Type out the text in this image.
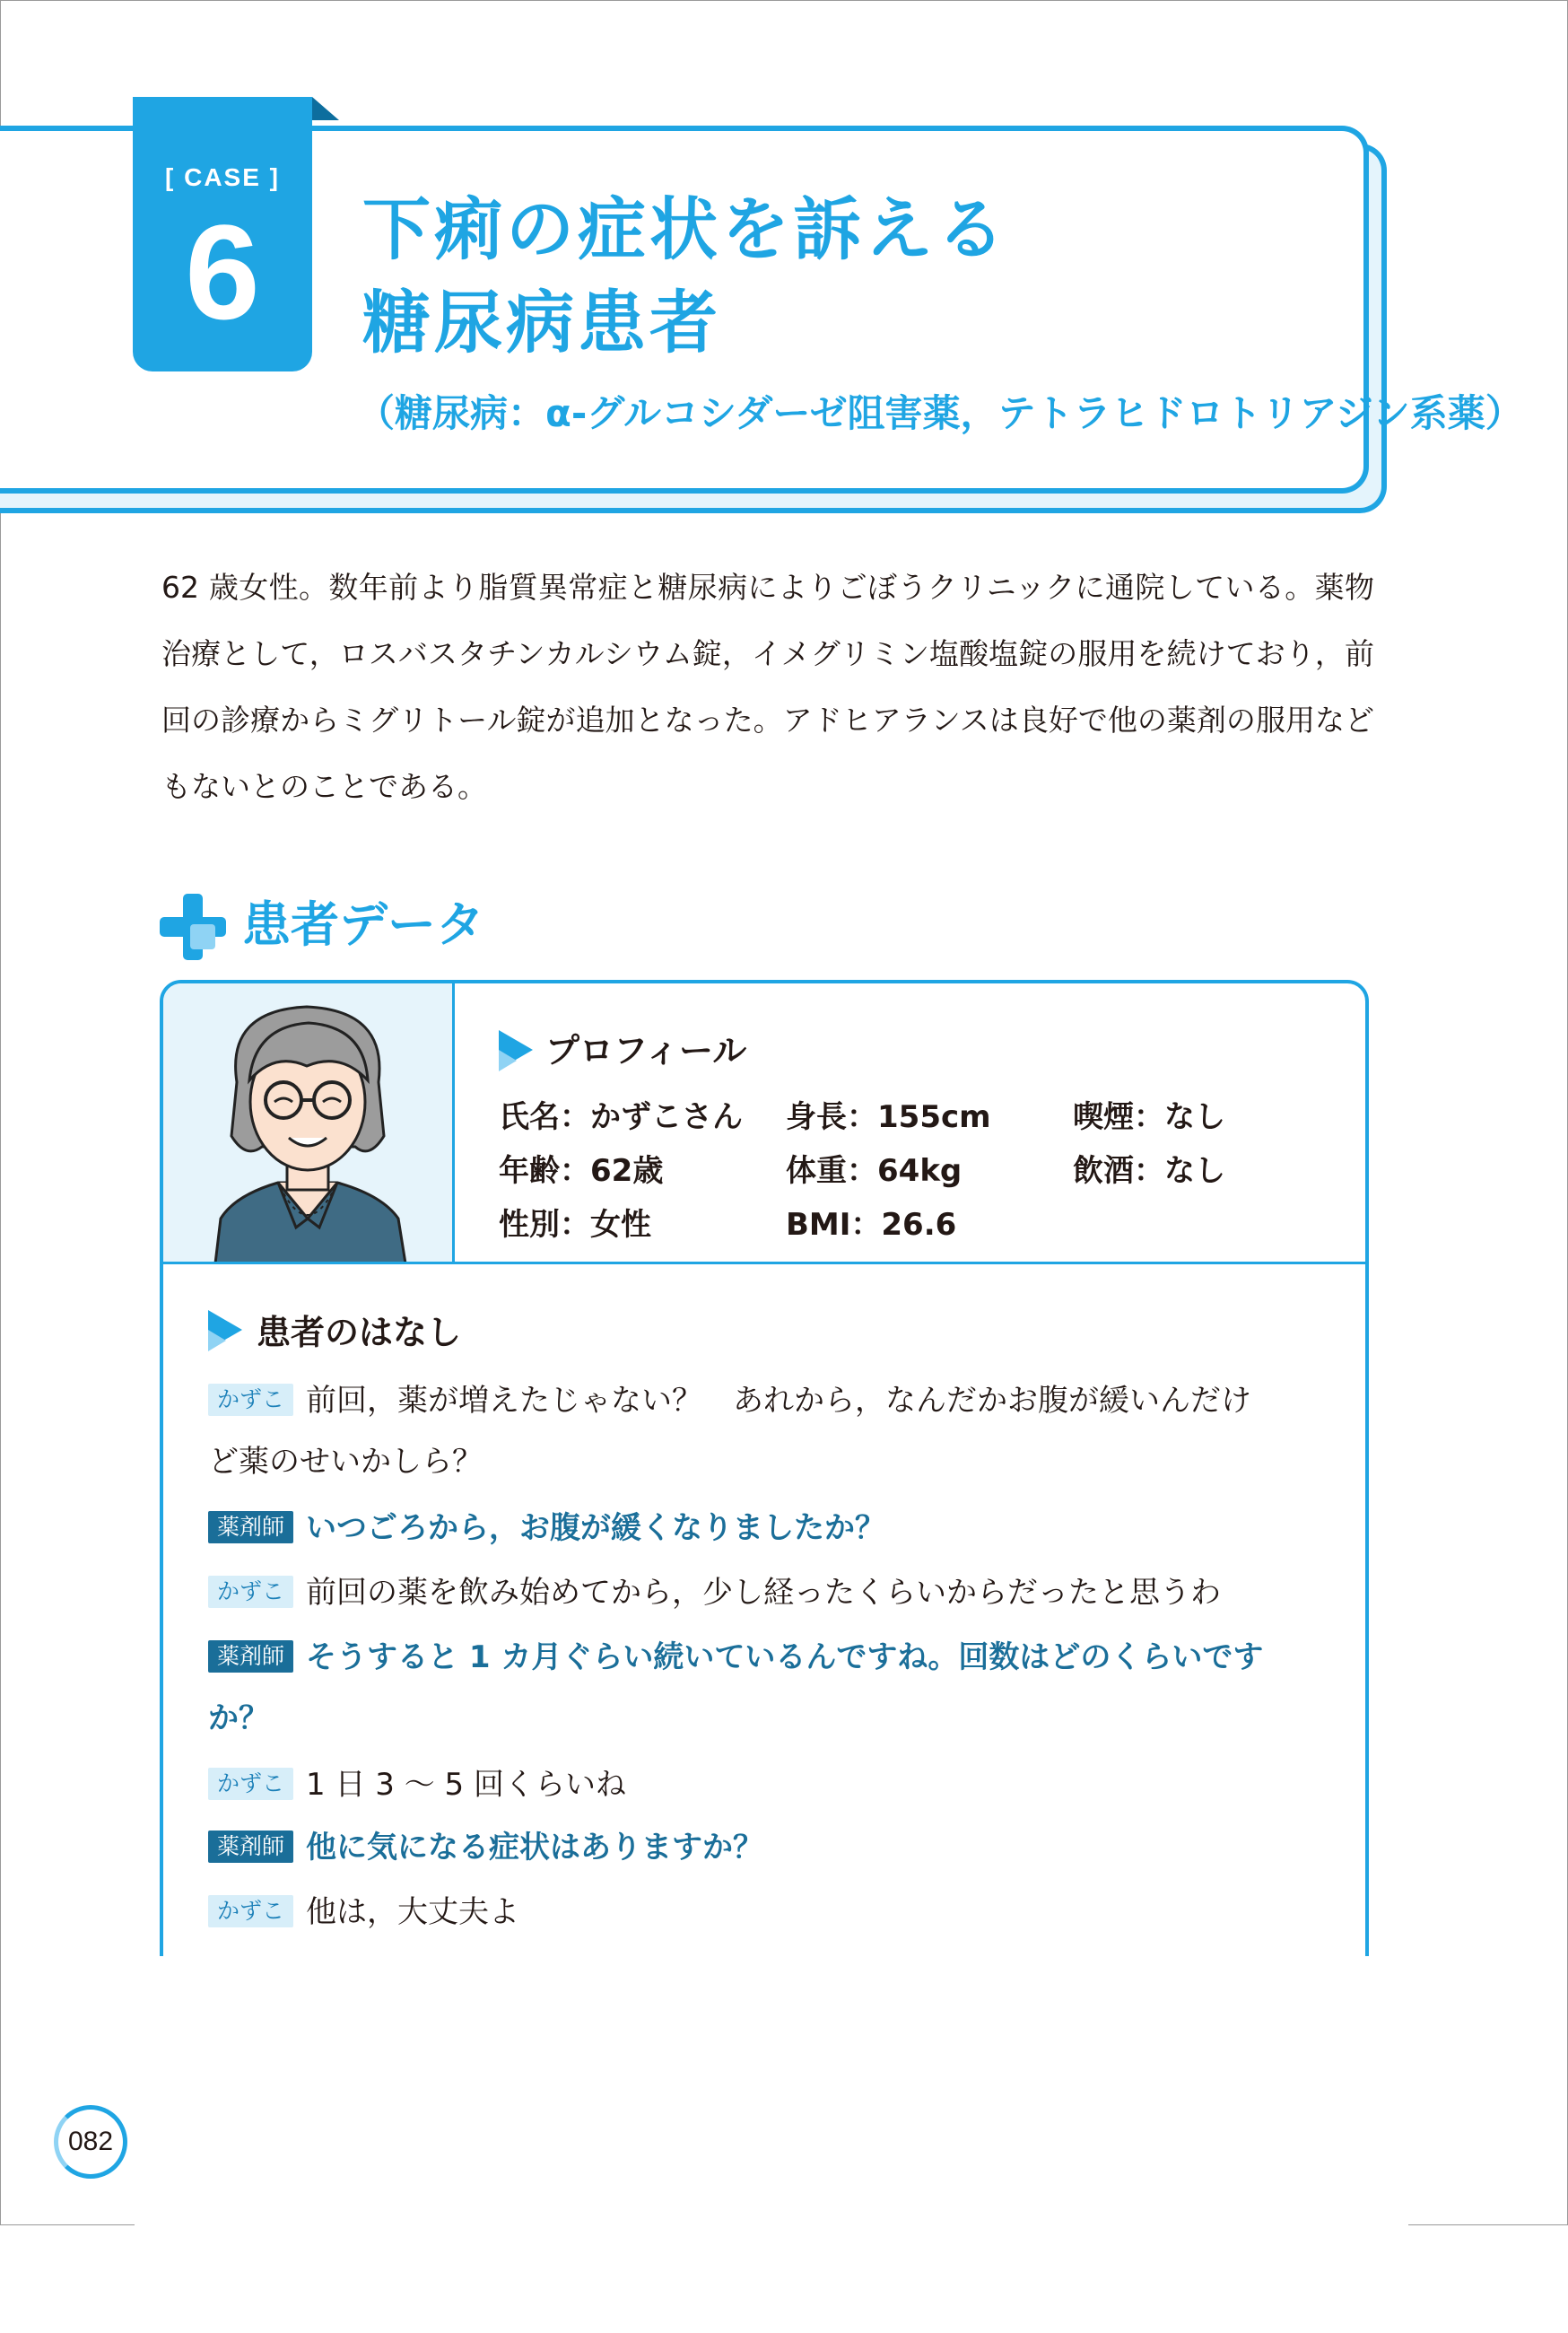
[ CASE ]
6	下痢の症状を訴える
糖尿病患者
（糖尿病：α-グルコシダーゼ阻害薬，テトラヒドロトリアジン系薬）

62 歳女性。数年前より脂質異常症と糖尿病によりごぼうクリニックに通院している。薬物治療として，ロスバスタチンカルシウム錠，イメグリミン塩酸塩錠の服用を続けており，前回の診療からミグリトール錠が追加となった。アドヒアランスは良好で他の薬剤の服用などもないとのことである。

患者データ
プロフィール
氏名：かずこさん
年齢：62歳
性別：女性
身長：155cm
体重：64kg
BMI：26.6
喫煙：なし
飲酒：なし
患者のはなし
かずこ 前回，薬が増えたじゃない？　あれから，なんだかお腹が緩いんだけ
ど薬のせいかしら？
薬剤師 いつごろから，お腹が緩くなりましたか？
かずこ 前回の薬を飲み始めてから，少し経ったくらいからだったと思うわ
薬剤師 そうすると 1 カ月ぐらい続いているんですね。回数はどのくらいです
か？
かずこ 1 日 3 〜 5 回くらいね
薬剤師 他に気になる症状はありますか？
かずこ 他は，大丈夫よ
082
